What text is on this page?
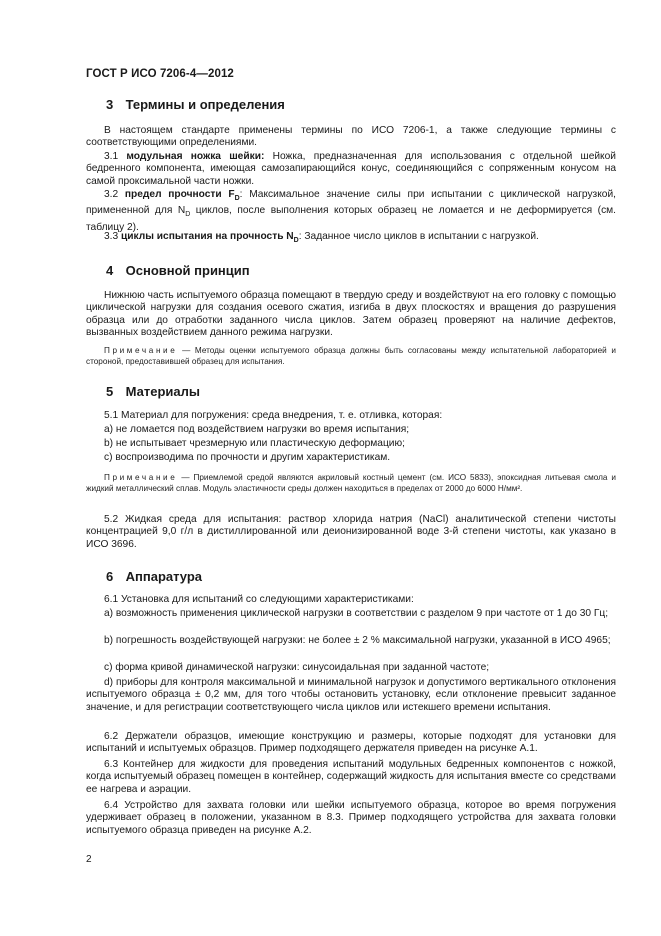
ГОСТ Р ИСО 7206-4—2012
3 Термины и определения
В настоящем стандарте применены термины по ИСО 7206-1, а также следующие термины с соответствующими определениями.
3.1 модульная ножка шейки: Ножка, предназначенная для использования с отдельной шейкой бедренного компонента, имеющая самозапирающийся конус, соединяющийся с сопряженным конусом на самой проксимальной части ножки.
3.2 предел прочности $F_D$: Максимальное значение силы при испытании с циклической нагрузкой, примененной для $N_D$ циклов, после выполнения которых образец не ломается и не деформируется (см. таблицу 2).
3.3 циклы испытания на прочность $N_D$: Заданное число циклов в испытании с нагрузкой.
4 Основной принцип
Нижнюю часть испытуемого образца помещают в твердую среду и воздействуют на его головку с помощью циклической нагрузки для создания осевого сжатия, изгиба в двух плоскостях и вращения до разрушения образца или до отработки заданного числа циклов. Затем образец проверяют на наличие дефектов, вызванных воздействием данного режима нагрузки.
Примечание — Методы оценки испытуемого образца должны быть согласованы между испытательной лабораторией и стороной, предоставившей образец для испытания.
5 Материалы
5.1 Материал для погружения: среда внедрения, т. е. отливка, которая:
а) не ломается под воздействием нагрузки во время испытания;
b) не испытывает чрезмерную или пластическую деформацию;
с) воспроизводима по прочности и другим характеристикам.
Примечание — Приемлемой средой являются акриловый костный цемент (см. ИСО 5833), эпоксидная литьевая смола и жидкий металлический сплав. Модуль эластичности среды должен находиться в пределах от 2000 до 6000 Н/мм².
5.2 Жидкая среда для испытания: раствор хлорида натрия (NaCl) аналитической степени чистоты концентрацией 9,0 г/л в дистиллированной или деионизированной воде 3-й степени чистоты, как указано в ИСО 3696.
6 Аппаратура
6.1 Установка для испытаний со следующими характеристиками:
а) возможность применения циклической нагрузки в соответствии с разделом 9 при частоте от 1 до 30 Гц;
b) погрешность воздействующей нагрузки: не более ± 2 % максимальной нагрузки, указанной в ИСО 4965;
с) форма кривой динамической нагрузки: синусоидальная при заданной частоте;
d) приборы для контроля максимальной и минимальной нагрузок и допустимого вертикального отклонения испытуемого образца ± 0,2 мм, для того чтобы остановить установку, если отклонение превысит заданное значение, и для регистрации соответствующего числа циклов или истекшего времени испытания.
6.2 Держатели образцов, имеющие конструкцию и размеры, которые подходят для установки для испытаний и испытуемых образцов. Пример подходящего держателя приведен на рисунке А.1.
6.3 Контейнер для жидкости для проведения испытаний модульных бедренных компонентов с ножкой, когда испытуемый образец помещен в контейнер, содержащий жидкость для испытания вместе со средствами ее нагрева и аэрации.
6.4 Устройство для захвата головки или шейки испытуемого образца, которое во время погружения удерживает образец в положении, указанном в 8.3. Пример подходящего устройства для захвата головки испытуемого образца приведен на рисунке А.2.
2
